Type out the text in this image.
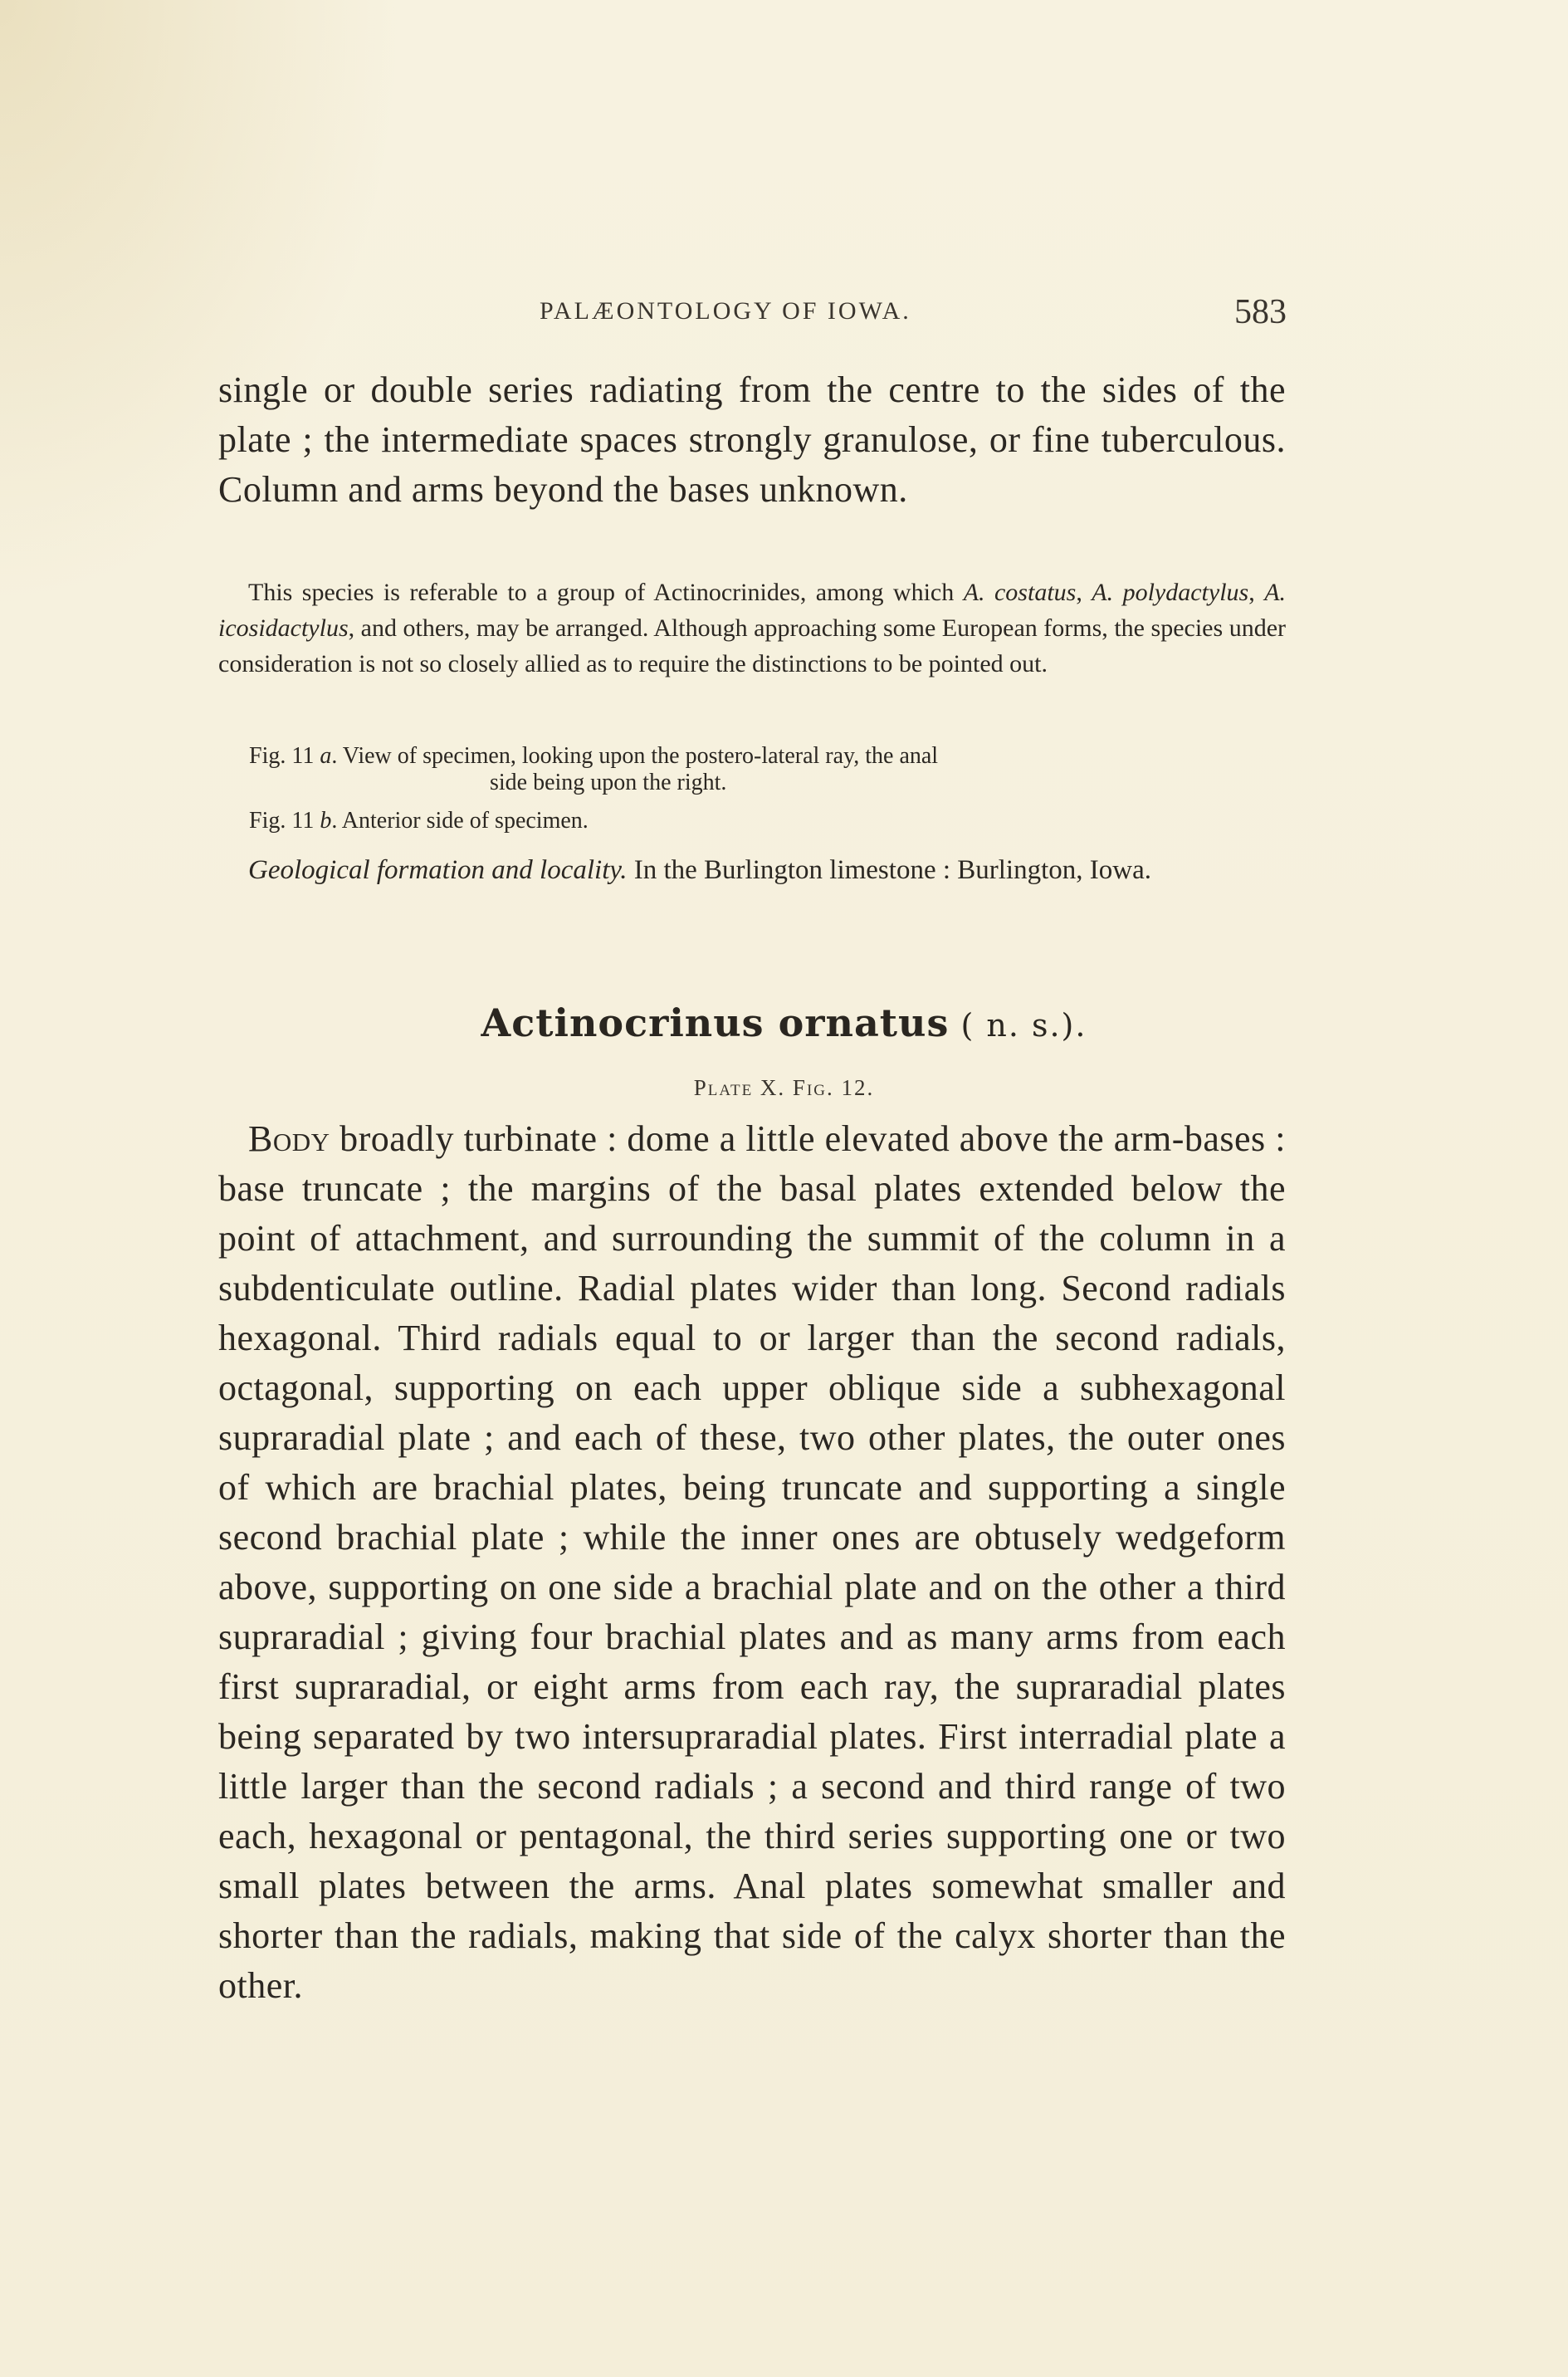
PALÆONTOLOGY OF IOWA.	583
single or double series radiating from the centre to the sides of the plate ; the intermediate spaces strongly granulose, or fine tuberculous. Column and arms beyond the bases unknown.
This species is referable to a group of Actinocrinides, among which A. costatus, A. polydactylus, A. icosidactylus, and others, may be arranged. Although approaching some European forms, the species under consideration is not so closely allied as to require the distinctions to be pointed out.
Fig. 11 a. View of specimen, looking upon the postero-lateral ray, the anal
side being upon the right.
Fig. 11 b. Anterior side of specimen.
Geological formation and locality. In the Burlington limestone : Burlington, Iowa.
Actinocrinus ornatus ( n. s.).
Plate X. Fig. 12.
Body broadly turbinate : dome a little elevated above the arm-bases : base truncate ; the margins of the basal plates extended below the point of attachment, and surrounding the summit of the column in a subdenticulate outline. Radial plates wider than long. Second radials hexagonal. Third radials equal to or larger than the second radials, octagonal, supporting on each upper oblique side a subhexagonal supraradial plate ; and each of these, two other plates, the outer ones of which are brachial plates, being truncate and supporting a single second brachial plate ; while the inner ones are obtusely wedgeform above, supporting on one side a brachial plate and on the other a third supraradial ; giving four brachial plates and as many arms from each first supraradial, or eight arms from each ray, the supraradial plates being separated by two intersupraradial plates. First interradial plate a little larger than the second radials ; a second and third range of two each, hexagonal or pentagonal, the third series supporting one or two small plates between the arms. Anal plates somewhat smaller and shorter than the radials, making that side of the calyx shorter than the other.
